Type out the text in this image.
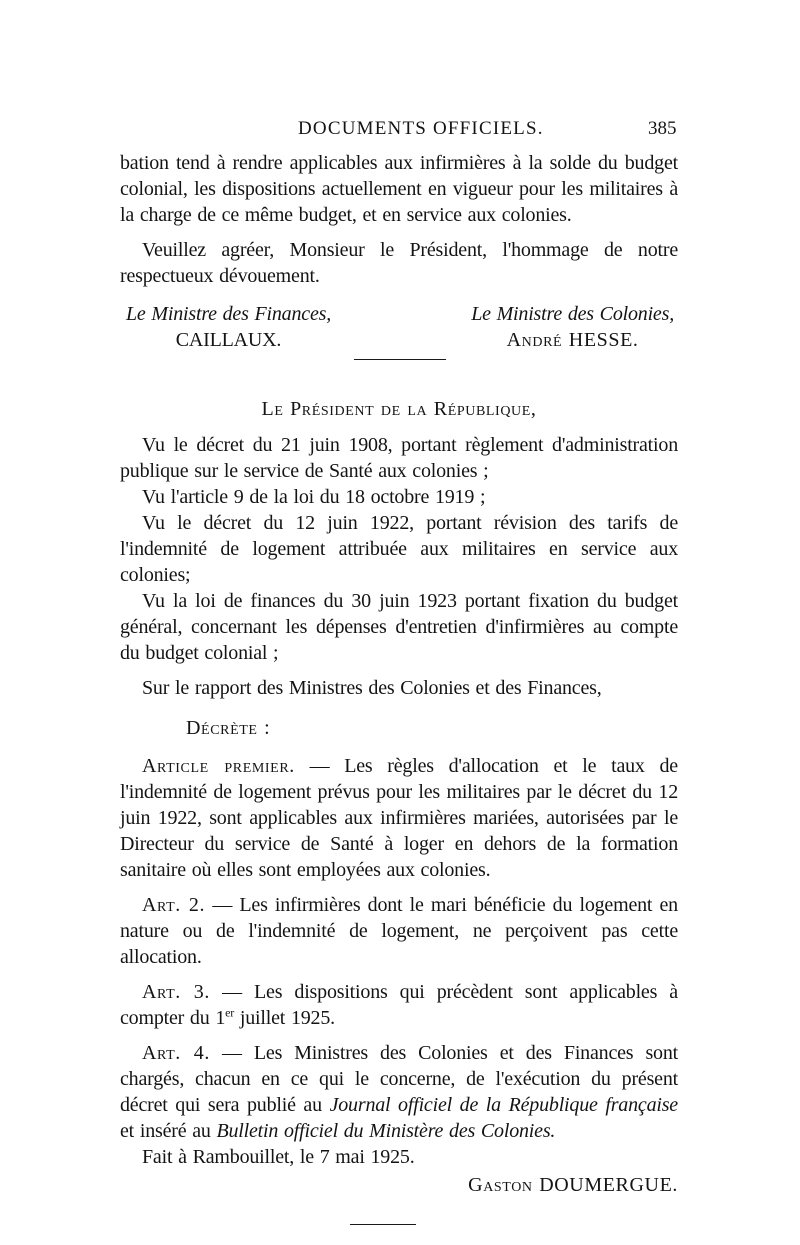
DOCUMENTS OFFICIELS.	385

bation tend à rendre applicables aux infirmières à la solde du budget colonial, les dispositions actuellement en vigueur pour les militaires à la charge de ce même budget, et en service aux colonies.

Veuillez agréer, Monsieur le Président, l'hommage de notre respectueux dévouement.

Le Ministre des Finances,
CAILLAUX.
Le Ministre des Colonies,
André HESSE.
Le Président de la République,

Vu le décret du 21 juin 1908, portant règlement d'administration publique sur le service de Santé aux colonies ;

Vu l'article 9 de la loi du 18 octobre 1919 ;

Vu le décret du 12 juin 1922, portant révision des tarifs de l'indemnité de logement attribuée aux militaires en service aux colonies;

Vu la loi de finances du 30 juin 1923 portant fixation du budget général, concernant les dépenses d'entretien d'infirmières au compte du budget colonial ;

Sur le rapport des Ministres des Colonies et des Finances,

Décrète :

Article premier. — Les règles d'allocation et le taux de l'indemnité de logement prévus pour les militaires par le décret du 12 juin 1922, sont applicables aux infirmières mariées, autorisées par le Directeur du service de Santé à loger en dehors de la formation sanitaire où elles sont employées aux colonies.

Art. 2. — Les infirmières dont le mari bénéficie du logement en nature ou de l'indemnité de logement, ne perçoivent pas cette allocation.

Art. 3. — Les dispositions qui précèdent sont applicables à compter du 1er juillet 1925.

Art. 4. — Les Ministres des Colonies et des Finances sont chargés, chacun en ce qui le concerne, de l'exécution du présent décret qui sera publié au Journal officiel de la République française et inséré au Bulletin officiel du Ministère des Colonies.

Fait à Rambouillet, le 7 mai 1925.

Gaston DOUMERGUE.
